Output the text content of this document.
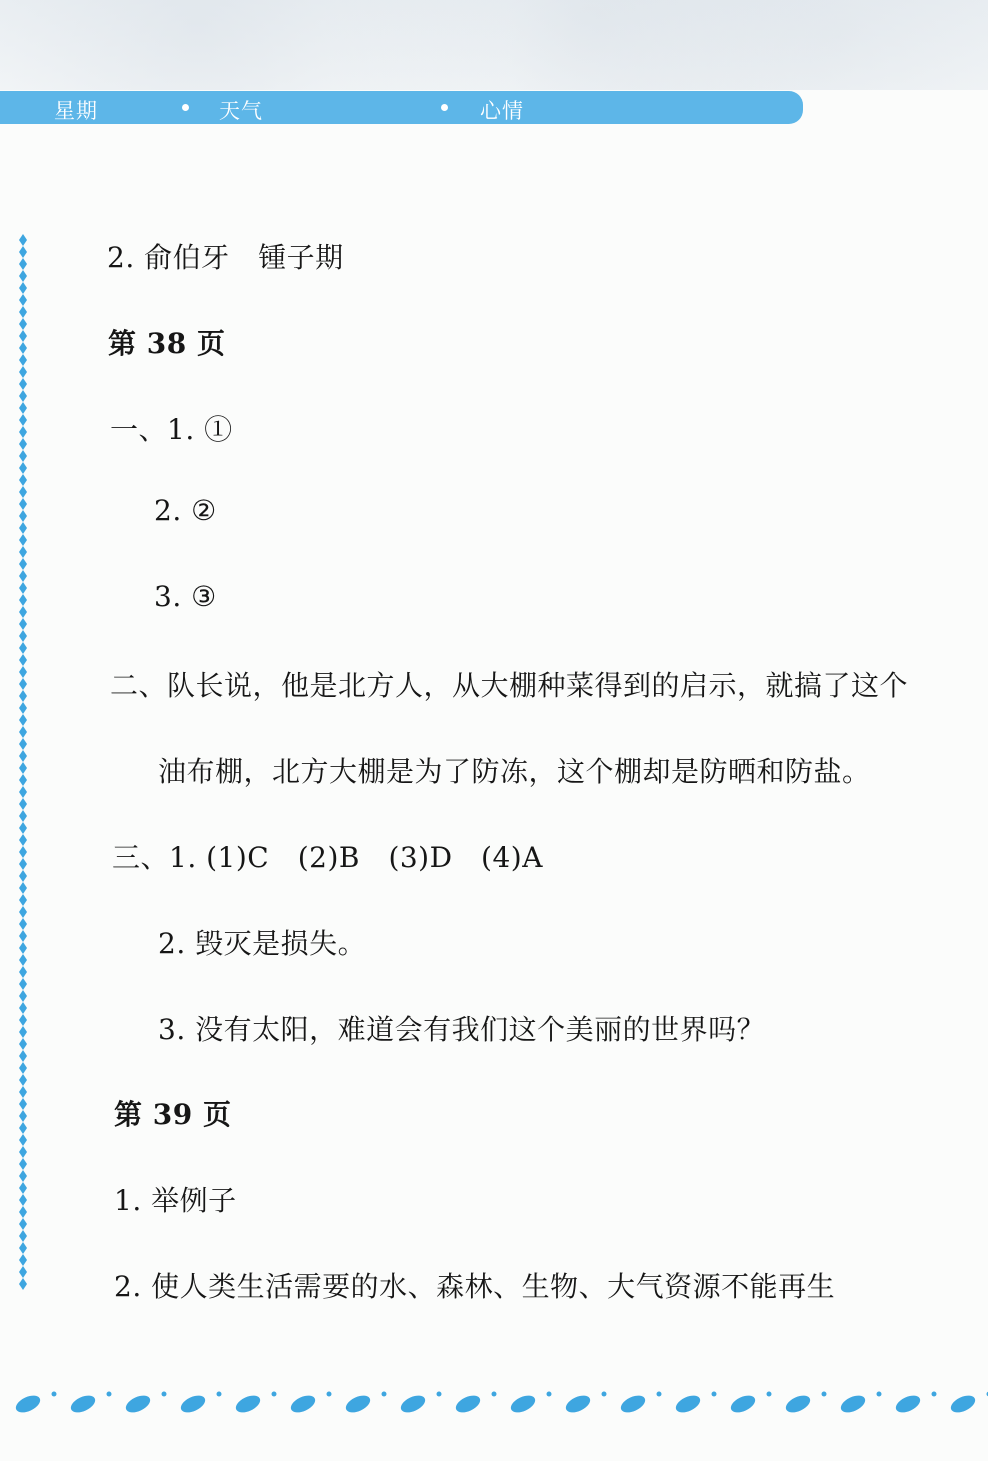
星期	天气	心情
2. 俞伯牙　锺子期
第 38 页
一、1. ①
2. ②
3. ③
二、队长说，他是北方人，从大棚种菜得到的启示，就搞了这个
油布棚，北方大棚是为了防冻，这个棚却是防晒和防盐。
三、1. (1)C　(2)B　(3)D　(4)A
2. 毁灭是损失。
3. 没有太阳，难道会有我们这个美丽的世界吗？
第 39 页
1. 举例子
2. 使人类生活需要的水、森林、生物、大气资源不能再生
